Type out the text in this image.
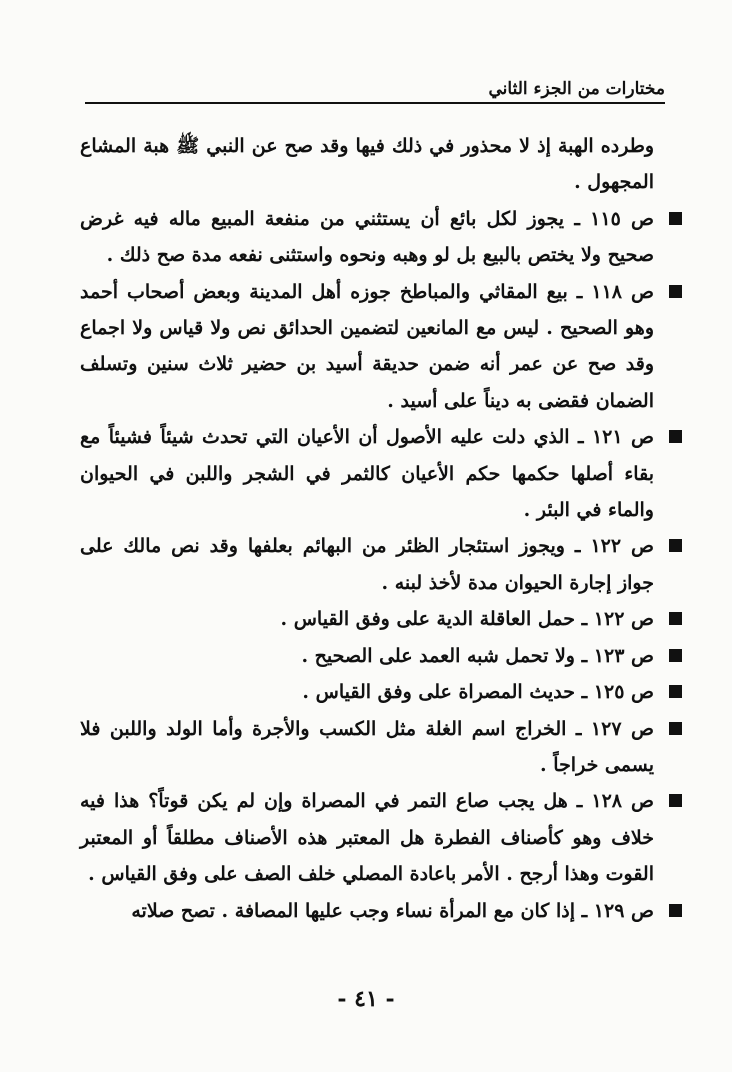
مختارات من الجزء الثاني

وطرده الهبة إذ لا محذور في ذلك فيها وقد صح عن النبي ﷺ هبة المشاع المجهول .

ص ١١٥ ـ يجوز لكل بائع أن يستثني من منفعة المبيع ماله فيه غرض صحيح ولا يختص بالبيع بل لو وهبه ونحوه واستثنى نفعه مدة صح ذلك .

ص ١١٨ ـ بيع المقاثي والمباطخ جوزه أهل المدينة وبعض أصحاب أحمد وهو الصحيح . ليس مع المانعين لتضمين الحدائق نص ولا قياس ولا اجماع وقد صح عن عمر أنه ضمن حديقة أسيد بن حضير ثلاث سنين وتسلف الضمان فقضى به ديناً على أسيد .

ص ١٢١ ـ الذي دلت عليه الأصول أن الأعيان التي تحدث شيئاً فشيئاً مع بقاء أصلها حكمها حكم الأعيان كالثمر في الشجر واللبن في الحيوان والماء في البئر .

ص ١٢٢ ـ ويجوز استئجار الظئر من البهائم بعلفها وقد نص مالك على جواز إجارة الحيوان مدة لأخذ لبنه .

ص ١٢٢ ـ حمل العاقلة الدية على وفق القياس .

ص ١٢٣ ـ ولا تحمل شبه العمد على الصحيح .

ص ١٢٥ ـ حديث المصراة على وفق القياس .

ص ١٢٧ ـ الخراج اسم الغلة مثل الكسب والأجرة وأما الولد واللبن فلا يسمى خراجاً .

ص ١٢٨ ـ هل يجب صاع التمر في المصراة وإن لم يكن قوتاً؟ هذا فيه خلاف وهو كأصناف الفطرة هل المعتبر هذه الأصناف مطلقاً أو المعتبر القوت وهذا أرجح . الأمر باعادة المصلي خلف الصف على وفق القياس .

ص ١٢٩ ـ إذا كان مع المرأة نساء وجب عليها المصافة . تصح صلاته

- ٤١ -
